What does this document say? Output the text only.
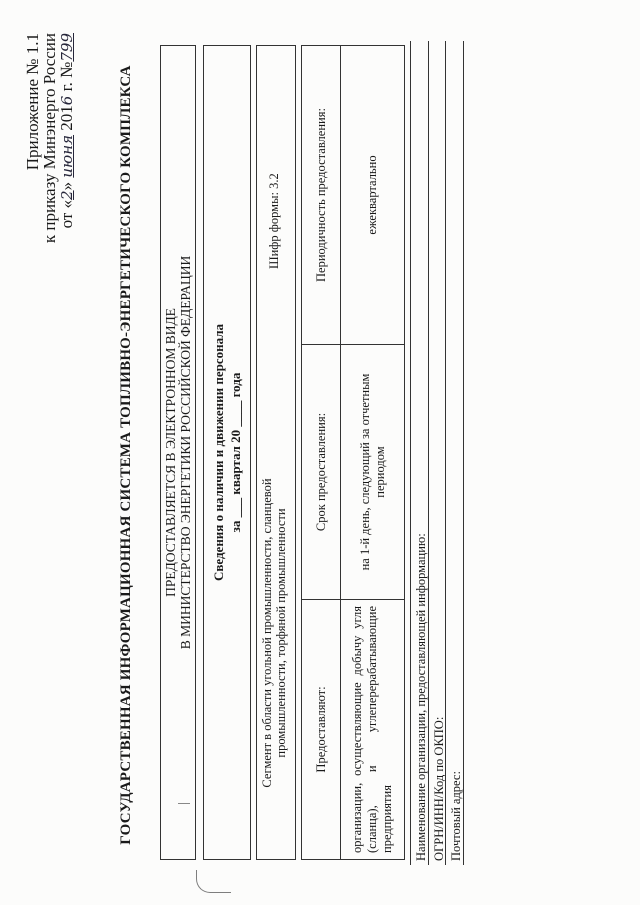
Приложение № 1.1
к приказу Минэнерго России
от «2» июня 2016 г. №799
ГОСУДАРСТВЕННАЯ ИНФОРМАЦИОННАЯ СИСТЕМА ТОПЛИВНО-ЭНЕРГЕТИЧЕСКОГО КОМПЛЕКСА ПРЕДОСТАВЛЯЕТСЯ В ЭЛЕКТРОННОМ ВИДЕ В МИНИСТЕРСТВО ЭНЕРГЕТИКИ РОССИЙСКОЙ ФЕДЕРАЦИИ Сведения о наличии и движении персонала за ___ квартал 20 ____ года
Сегмент в области угольной промышленности, сланцевой промышленности, торфяной промышленности
Шифр формы: 3.2
Предоставляют:	Срок предоставления:	Периодичность предоставления:
организации, осуществляющие добычу угля (сланца), и углеперерабатывающие предприятия	на 1-й день, следующий за отчетным периодом	ежеквартально
Наименование организации, предоставляющей информацию: ОГРН/ИНН/Код по ОКПО: Почтовый адрес:
